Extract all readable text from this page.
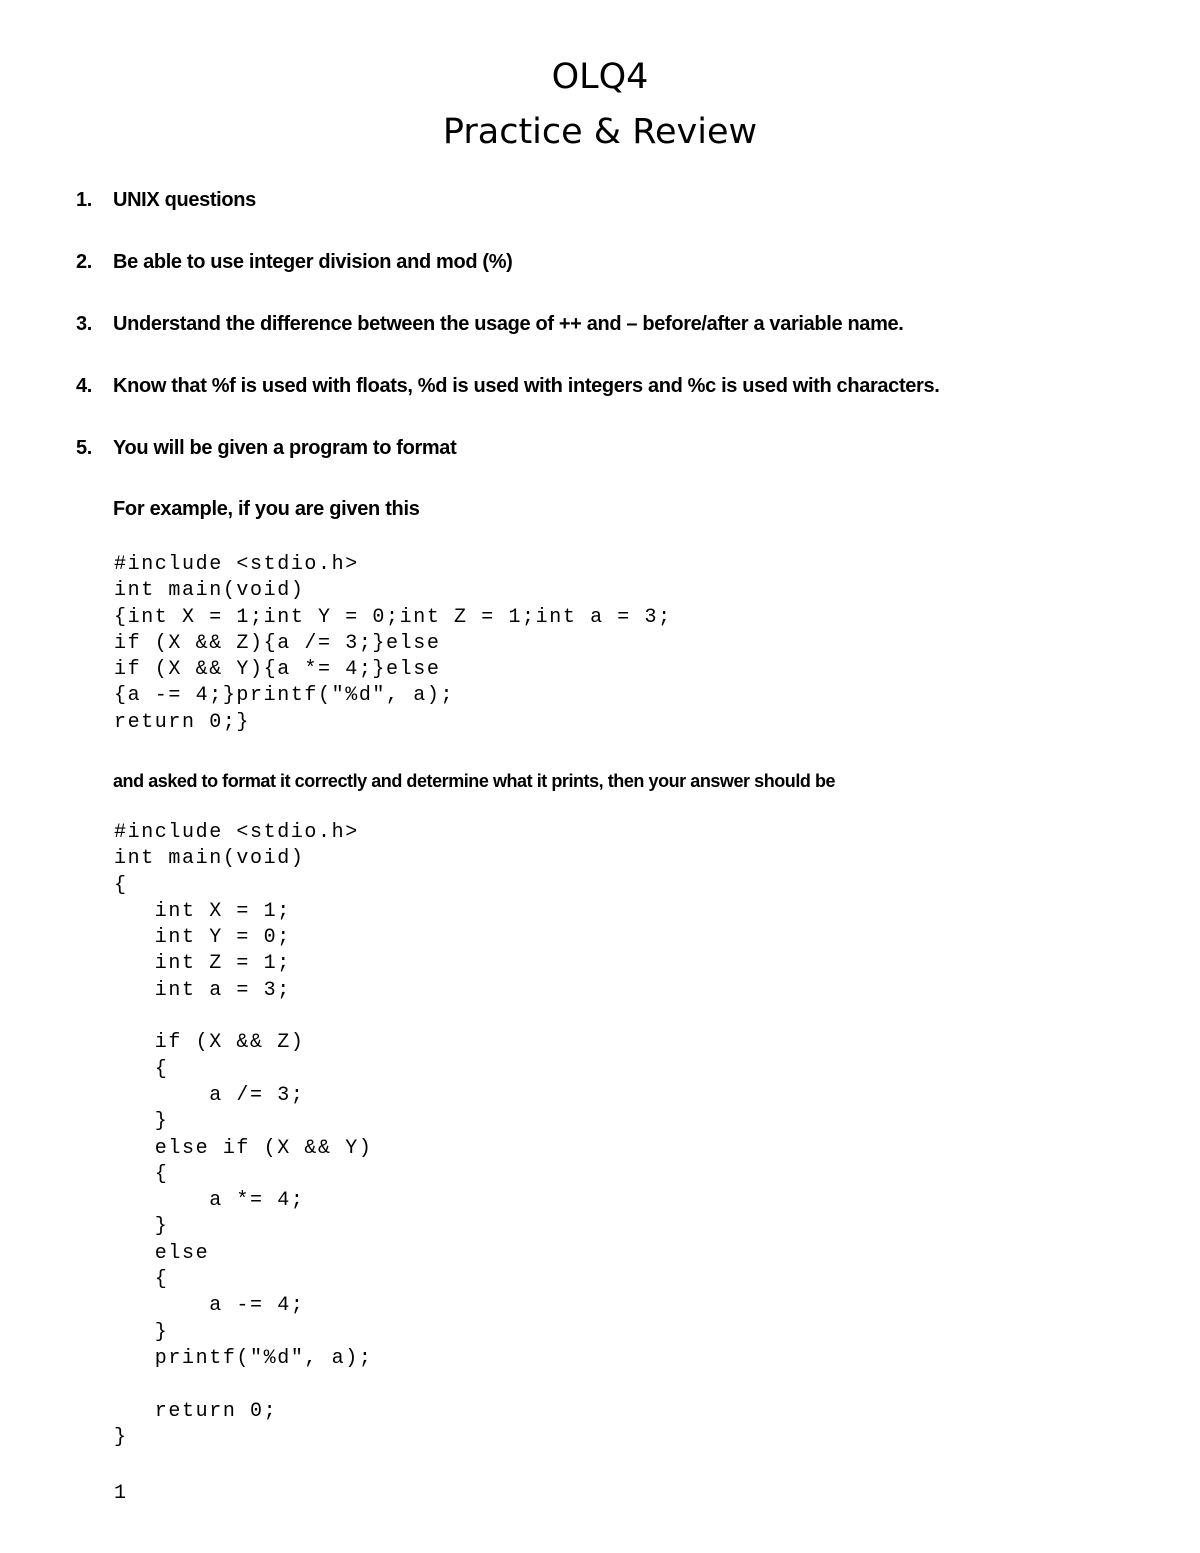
OLQ4
Practice & Review
1. UNIX questions
2. Be able to use integer division and mod (%)
3. Understand the difference between the usage of ++ and – before/after a variable name.
4. Know that %f is used with floats, %d is used with integers and %c is used with characters.
5. You will be given a program to format
For example, if you are given this
#include <stdio.h>
int main(void)
{int X = 1;int Y = 0;int Z = 1;int a = 3;
if (X && Z){a /= 3;}else
if (X && Y){a *= 4;}else
{a -= 4;}printf("%d", a);
return 0;}
and asked to format it correctly and determine what it prints, then your answer should be
#include <stdio.h>
int main(void)
{
int X = 1;
int Y = 0;
int Z = 1;
int a = 3;

if (X && Z)
{
a /= 3;
}
else if (X && Y)
{
a *= 4;
}
else
{
a -= 4;
}
printf("%d", a);

return 0;
}
1
